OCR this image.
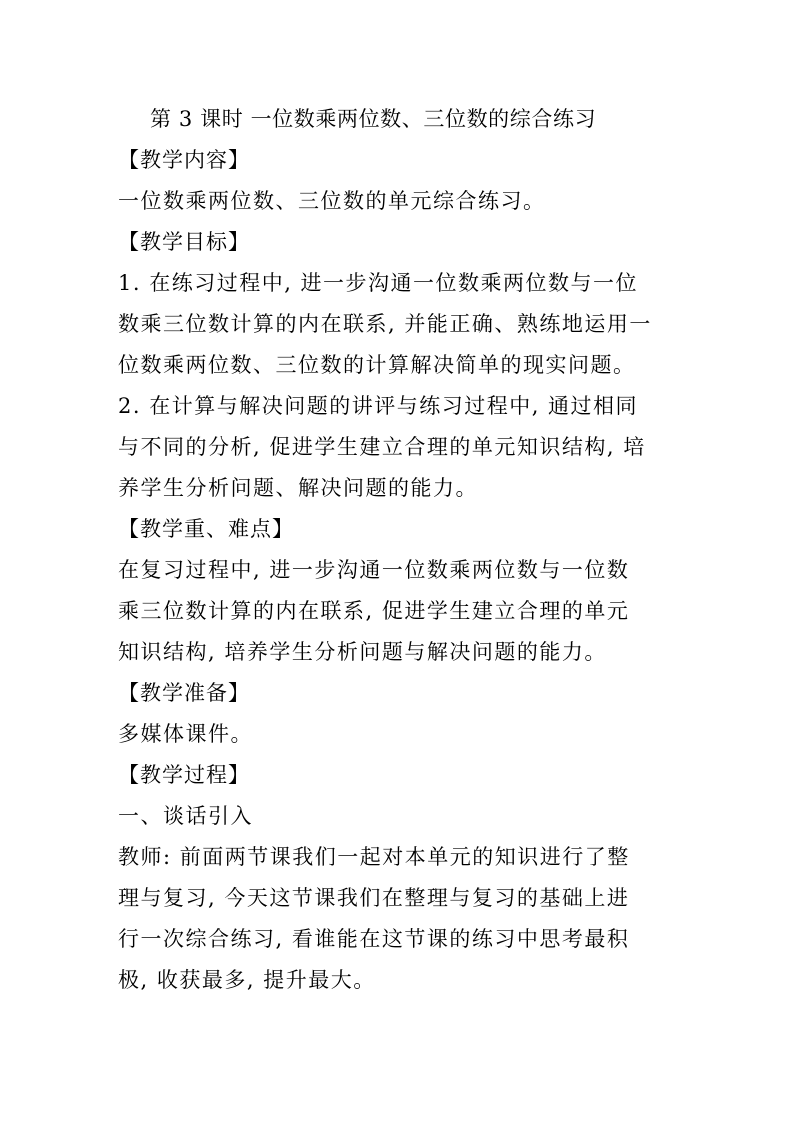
第 3 课时 一位数乘两位数、三位数的综合练习
【教学内容】
一位数乘两位数、三位数的单元综合练习。
【教学目标】
1. 在练习过程中, 进一步沟通一位数乘两位数与一位
数乘三位数计算的内在联系, 并能正确、熟练地运用一
位数乘两位数、三位数的计算解决简单的现实问题。
2. 在计算与解决问题的讲评与练习过程中, 通过相同
与不同的分析, 促进学生建立合理的单元知识结构, 培
养学生分析问题、解决问题的能力。
【教学重、难点】
在复习过程中, 进一步沟通一位数乘两位数与一位数
乘三位数计算的内在联系, 促进学生建立合理的单元
知识结构, 培养学生分析问题与解决问题的能力。
【教学准备】
多媒体课件。
【教学过程】
一、谈话引入
教师: 前面两节课我们一起对本单元的知识进行了整
理与复习, 今天这节课我们在整理与复习的基础上进
行一次综合练习, 看谁能在这节课的练习中思考最积
极, 收获最多, 提升最大。
